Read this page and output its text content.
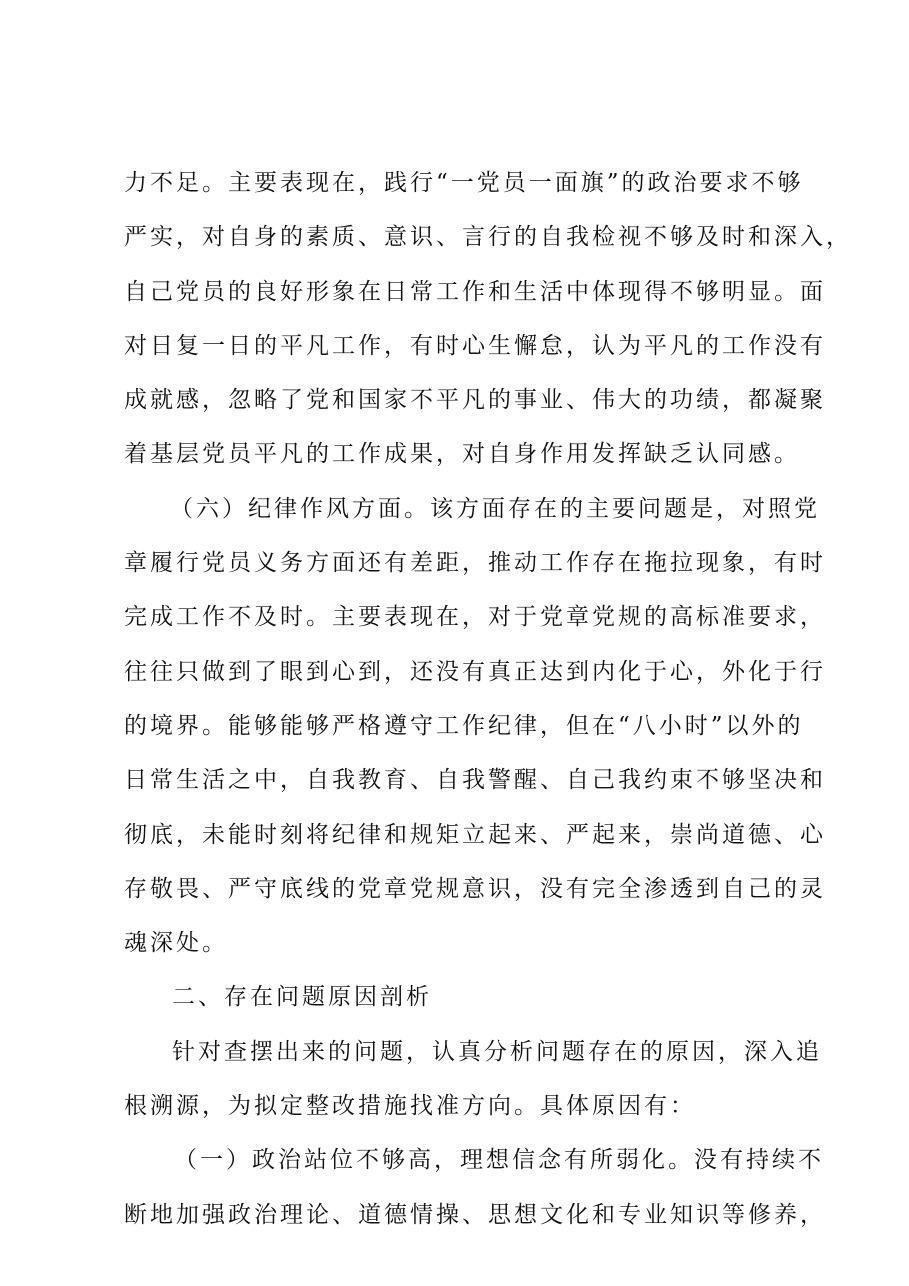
力不足。主要表现在，践行“一党员一面旗”的政治要求不够
严实，对自身的素质、意识、言行的自我检视不够及时和深入，
自己党员的良好形象在日常工作和生活中体现得不够明显。面
对日复一日的平凡工作，有时心生懈怠，认为平凡的工作没有
成就感，忽略了党和国家不平凡的事业、伟大的功绩，都凝聚
着基层党员平凡的工作成果，对自身作用发挥缺乏认同感。
（六）纪律作风方面。该方面存在的主要问题是，对照党
章履行党员义务方面还有差距，推动工作存在拖拉现象，有时
完成工作不及时。主要表现在，对于党章党规的高标准要求，
往往只做到了眼到心到，还没有真正达到内化于心，外化于行
的境界。能够能够严格遵守工作纪律，但在“八小时”以外的
日常生活之中，自我教育、自我警醒、自己我约束不够坚决和
彻底，未能时刻将纪律和规矩立起来、严起来，崇尚道德、心
存敬畏、严守底线的党章党规意识，没有完全渗透到自己的灵
魂深处。
二、存在问题原因剖析
针对查摆出来的问题，认真分析问题存在的原因，深入追
根溯源，为拟定整改措施找准方向。具体原因有：
（一）政治站位不够高，理想信念有所弱化。没有持续不
断地加强政治理论、道德情操、思想文化和专业知识等修养，
